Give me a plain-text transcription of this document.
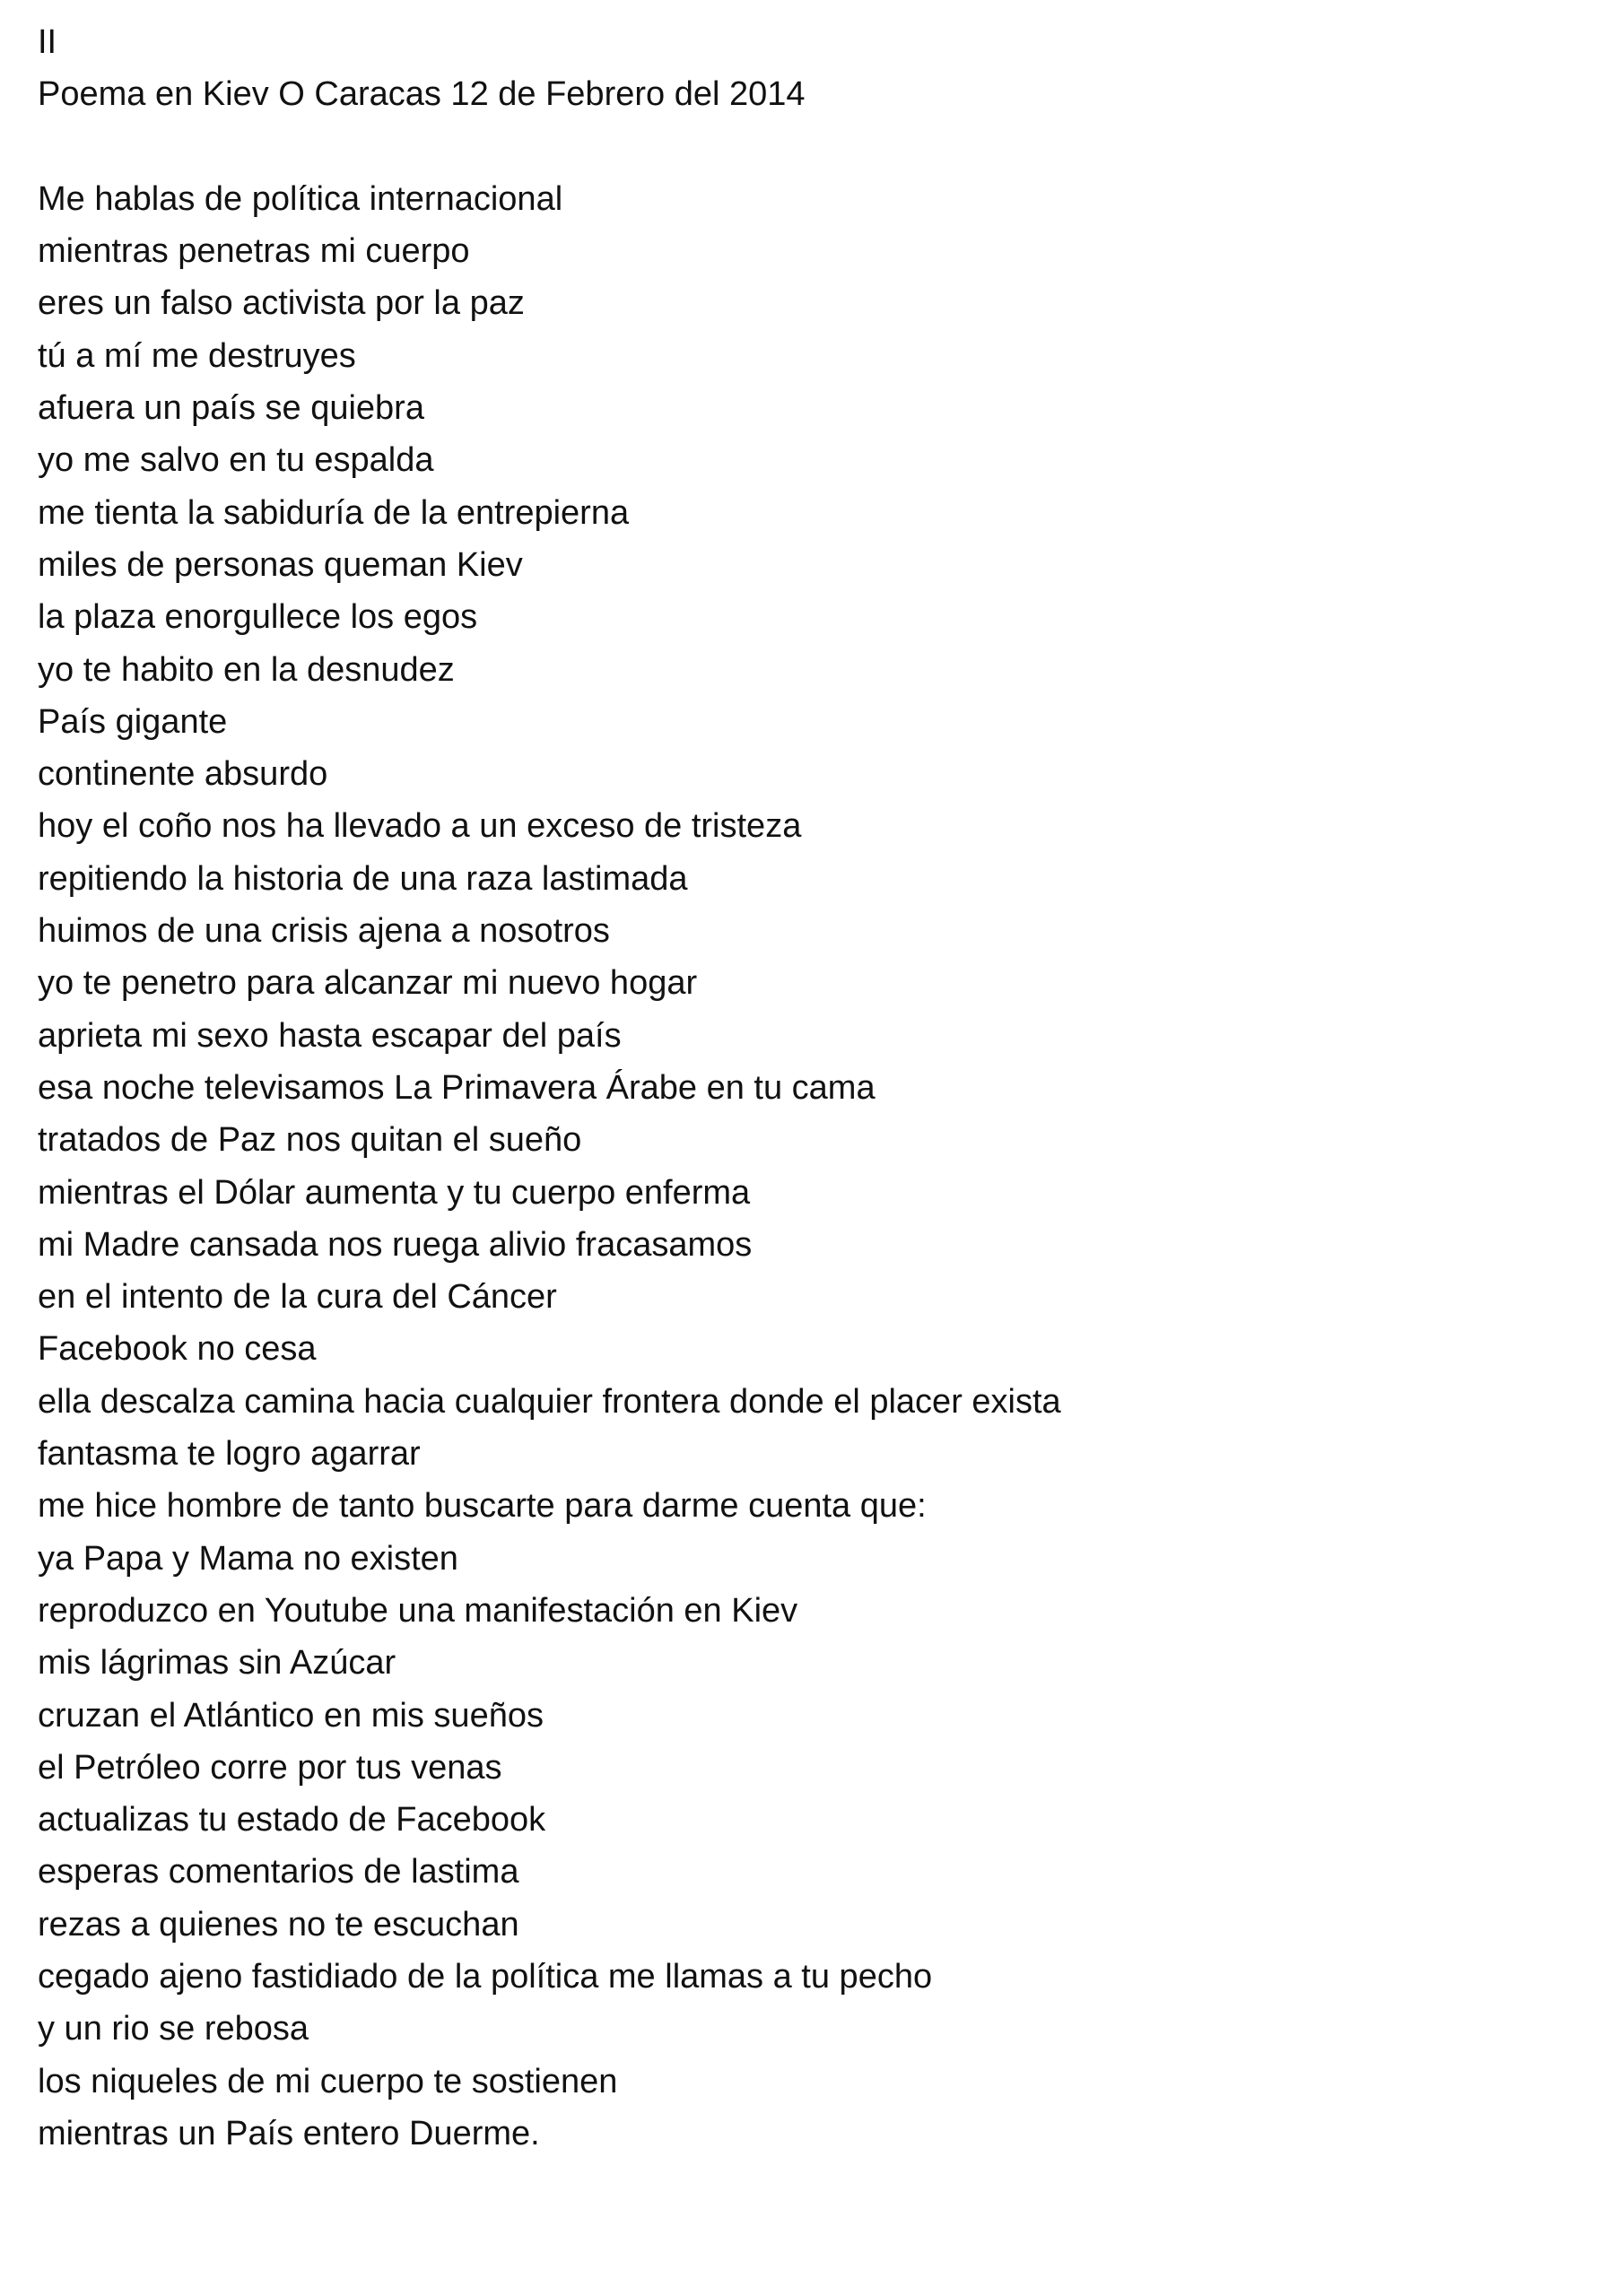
II
Poema en Kiev O Caracas 12 de Febrero del 2014
Me hablas de política internacional
mientras penetras mi cuerpo
eres un falso activista por la paz
tú a mí me destruyes
afuera un país se quiebra
yo me salvo en tu espalda
me tienta la sabiduría de la entrepierna
miles de personas queman Kiev
la plaza enorgullece los egos
yo te habito en la desnudez
País gigante
continente absurdo
hoy el coño nos ha llevado a un exceso de tristeza
repitiendo la historia de una raza lastimada
huimos de una crisis ajena a nosotros
yo te penetro para alcanzar mi nuevo hogar
aprieta mi sexo hasta escapar del país
esa noche televisamos La Primavera Árabe en tu cama
tratados de Paz nos quitan el sueño
mientras el Dólar aumenta y tu cuerpo enferma
mi Madre cansada nos ruega alivio fracasamos
en el intento de la cura del Cáncer
Facebook no cesa
ella descalza camina hacia cualquier frontera donde el placer exista
fantasma te logro agarrar
me hice hombre de tanto buscarte para darme cuenta que:
ya Papa y Mama no existen
reproduzco en Youtube una manifestación en Kiev
mis lágrimas sin Azúcar
cruzan el Atlántico en mis sueños
el Petróleo corre por tus venas
actualizas tu estado de Facebook
esperas comentarios de lastima
rezas a quienes no te escuchan
cegado ajeno fastidiado de la política me llamas a tu pecho
y un rio se rebosa
los niqueles de mi cuerpo te sostienen
mientras un País entero Duerme.
